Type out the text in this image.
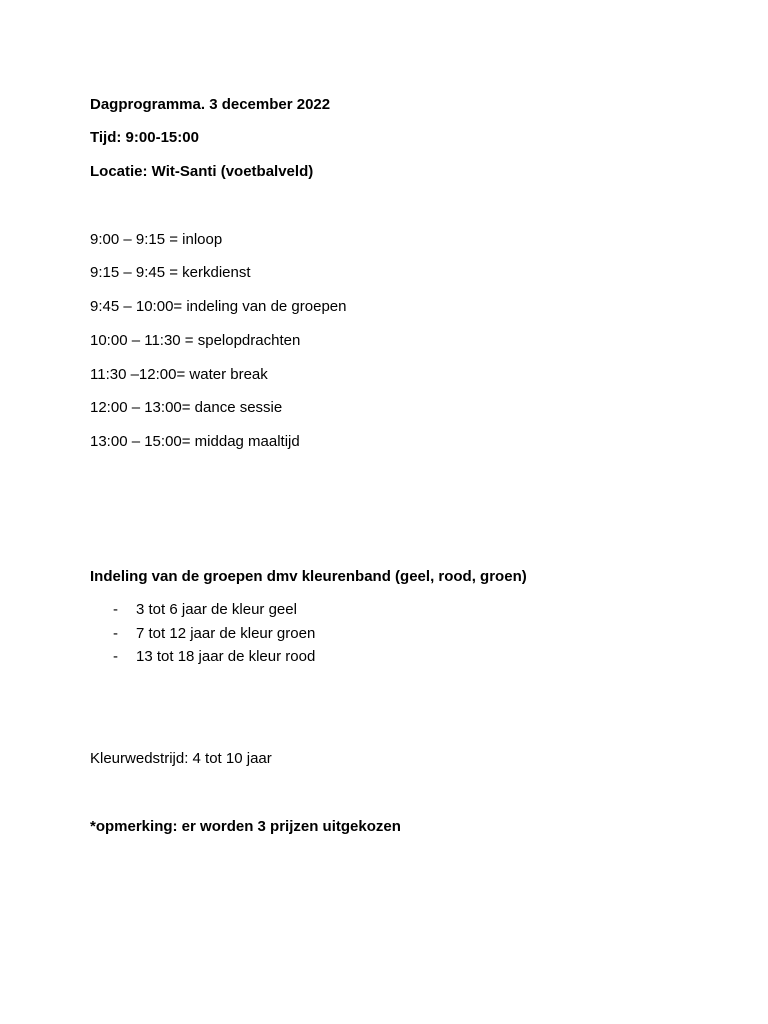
Dagprogramma. 3 december 2022
Tijd: 9:00-15:00
Locatie: Wit-Santi (voetbalveld)
9:00 – 9:15 = inloop
9:15 – 9:45 = kerkdienst
9:45 – 10:00= indeling van de groepen
10:00 – 11:30 = spelopdrachten
11:30 –12:00= water break
12:00 – 13:00= dance sessie
13:00 – 15:00= middag maaltijd
Indeling van de groepen dmv kleurenband (geel, rood, groen)
- 3 tot 6 jaar de kleur geel
- 7 tot 12 jaar de kleur groen
- 13 tot 18 jaar de kleur rood
Kleurwedstrijd: 4 tot 10 jaar
*opmerking: er worden 3 prijzen uitgekozen
